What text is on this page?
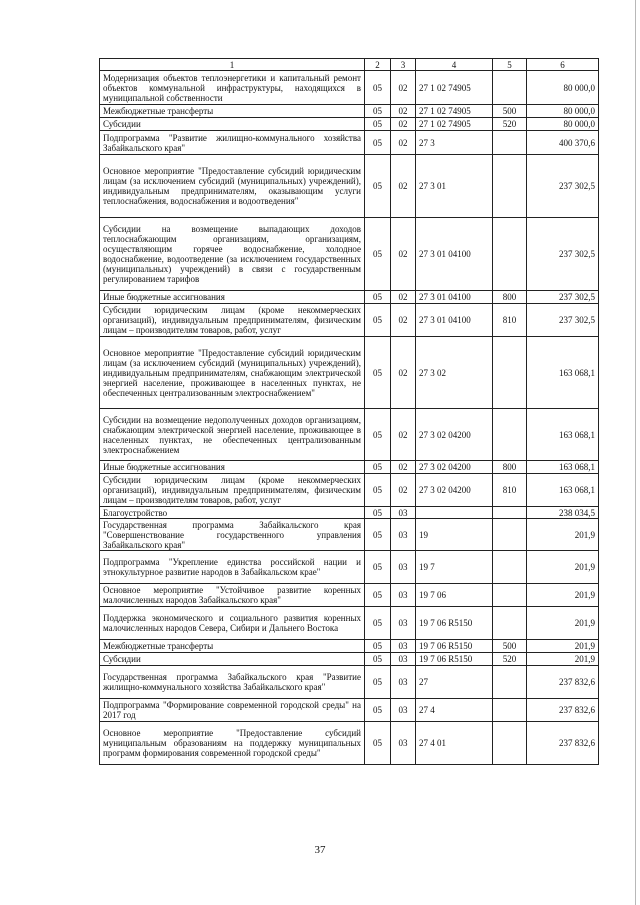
1	2	3	4	5	6
Модернизация объектов теплоэнергетики и капитальный ремонт объектов коммунальной инфраструктуры, находящихся в муниципальной собственности	05	02	27 1 02 74905		80 000,0
Межбюджетные трансферты	05	02	27 1 02 74905	500	80 000,0
Субсидии	05	02	27 1 02 74905	520	80 000,0
Подпрограмма "Развитие жилищно-коммунального хозяйства Забайкальского края"	05	02	27 3		400 370,6
Основное мероприятие "Предоставление субсидий юридическим лицам (за исключением субсидий (муниципальных) учреждений), индивидуальным предпринимателям, оказывающим услуги теплоснабжения, водоснабжения и водоотведения"	05	02	27 3 01		237 302,5
Субсидии на возмещение выпадающих доходов теплоснабжающим организациям, организациям, осуществляющим горячее водоснабжение, холодное водоснабжение, водоотведение (за исключением государственных (муниципальных) учреждений) в связи с государственным регулированием тарифов	05	02	27 3 01 04100		237 302,5
Иные бюджетные ассигнования	05	02	27 3 01 04100	800	237 302,5
Субсидии юридическим лицам (кроме некоммерческих организаций), индивидуальным предпринимателям, физическим лицам – производителям товаров, работ, услуг	05	02	27 3 01 04100	810	237 302,5
Основное мероприятие "Предоставление субсидий юридическим лицам (за исключением субсидий (муниципальных) учреждений), индивидуальным предпринимателям, снабжающим электрической энергией население, проживающее в населенных пунктах, не обеспеченных централизованным электроснабжением"	05	02	27 3 02		163 068,1
Субсидии на возмещение недополученных доходов организациям, снабжающим электрической энергией население, проживающее в населенных пунктах, не обеспеченных централизованным электроснабжением	05	02	27 3 02 04200		163 068,1
Иные бюджетные ассигнования	05	02	27 3 02 04200	800	163 068,1
Субсидии юридическим лицам (кроме некоммерческих организаций), индивидуальным предпринимателям, физическим лицам – производителям товаров, работ, услуг	05	02	27 3 02 04200	810	163 068,1
Благоустройство	05	03			238 034,5
Государственная программа Забайкальского края "Совершенствование государственного управления Забайкальского края"	05	03	19		201,9
Подпрограмма "Укрепление единства российской нации и этнокультурное развитие народов в Забайкальском крае"	05	03	19 7		201,9
Основное мероприятие "Устойчивое развитие коренных малочисленных народов Забайкальского края"	05	03	19 7 06		201,9
Поддержка экономического и социального развития коренных малочисленных народов Севера, Сибири и Дальнего Востока	05	03	19 7 06 R5150		201,9
Межбюджетные трансферты	05	03	19 7 06 R5150	500	201,9
Субсидии	05	03	19 7 06 R5150	520	201,9
Государственная программа Забайкальского края "Развитие жилищно-коммунального хозяйства Забайкальского края"	05	03	27		237 832,6
Подпрограмма "Формирование современной городской среды" на 2017 год	05	03	27 4		237 832,6
Основное мероприятие "Предоставление субсидий муниципальным образованиям на поддержку муниципальных программ формирования современной городской среды"	05	03	27 4 01		237 832,6
37
